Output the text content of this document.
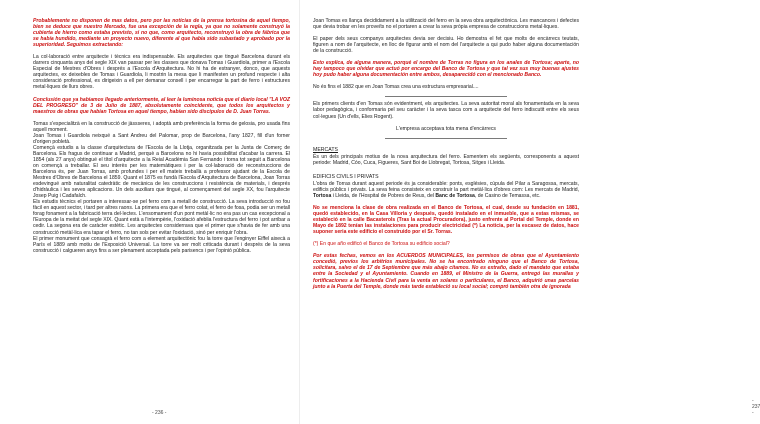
Probablemente no disponen de mas datos, pero por las noticias de la prensa tortosina de aquel tiempo, bien se deduce que nuestro Mercado, fue una excepción de la regla, ya que no solamente construyó la cubierta de hierro como estaba previsto, si no que, como arquitecto, reconstruyó la obra de fábrica que se había hundido, mediante un proyecto nuevo, diferente al que había sido subastado y aprobado por la superioridad. Seguimos extractando:

La col·laboració entre arquitecte i tècnics era indispensable. Els arquitectes que tingué Barcelona durant els darrers cinquanta anys del segle XIX van passar per les classes que donava Tomas i Guardiola, primer a l'Escola Especial de Mestres d'Obres i després a l'Escola d'Arquitectura. No hi ha de estranyer, donco, que aquests arquitectes, ex deixebles de Tomas i Guardiola, li mostrin la mesa que li manifesten un profund respecte i alta consideració professional, es dirigeixin a ell per demanar consell i per encarregar la part de ferro i estructures metal·liques de llurs obres.

Conclusión que ya habiamos llegado anteriormente, al leer la luminosa noticia que el diario local "LA VOZ DEL PROGRESO" de 3 de Julio de 1887, absolutamente coincidente, que todos los arquitectos y maestros de obras que habían Tortosa en aquel tiempo, habían sido discipulos de D. Juan Torras.

Tomas s'especialitzà en la construcció de jàssseres, i adoptà amb preferència la forma de gelosia, pro usada fins aquell moment.

Joan Tomas i Guardiola neixqué a Sant Andreu del Palomar, prop de Barcelona, l'any 1827, fill d'un forner d'origen pobletà.

Començà estudis a la classe d'arquitectura de l'Escola de la Llotja, organitzada per la Junta de Comerç de Barcelona. Els fragus de continuar a Madrid, perquè a Barcelona no hi havia possibilitat d'acabar la carrera. El 1854 (als 27 anys) obtingué el títol d'arquitecte a la Reial Acadèmia San Fernando i torna tot seguit a Barcelona on començà a treballar. El seu interès per les matemàtiques i per la col·laboració de reconstruccions de Barcelona és, per Juan Torras, amb profundes i per ell mateix treballà a professor ajudant de la Escola de Mestres d'Obres de Barcelona el 1859. Quant el 1875 es fundà l'Escola d'Arquitectura de Barcelona, Joan Torras esdevingué amb naturalitat catedràtic de mecànica de les construccions i resistència de materials, i després d'hidràulica i les seves aplicacions. Un dels auxiliars que tingué, al començament del segle XX, fou l'arquitecte Josep Puig i Cadafalch.

Els estudis tècnics el portaren a interessar-se pel ferro com a metall de construcció. La seva introducció no fou fàcil en aquest sector, i tard per altres raons. La primera era que el ferro colat, el ferro de fosa, podia ser un metall forag fonament a la fabricació terra del·lectes. L'ensomament d'un pont metàl·lic no era pas un cas excepcional a l'Europa de la meitat del segle XIX. Quant està a l'intempèrie, l'oxidació afeblia l'estructura del ferro i pot arribar a cedir. La segona era de caràcter estètic. Les arquitectes considerrava que el primer que s'havia de fer amb una construcció metàl·lica era tapar el ferro, no tan sols per evitar l'oxidació, sinó per enriquir l'obra.

El primer monument que consagrà el ferro com a element arquitectònic fou la torre que l'enginyer Eiffel aixecà a París el 1889 amb motiu de l'Exposició Universal. La torre va ser molt criticada durant i després de la seva construcció i calgueren anys fins a ser plenament acceptada pels parisencs i per l'opinió pública.

- 236 -

Joan Tomas es llança decididament a la utilització del ferro en la seva obra arquitectònica. Les mancances i defectes que devia trobar en les proveïts no el portaren a crear la seva pròpia empresa de construccions metal·liques.

El paper dels seus companys arquitectes devia ser decisiu. Ho demostra el fet que molts de encàrrecs teutats, figuren a nom de l'arquitecte, en lloc de figurar amb el nom del l'arquitecte a qui pudo haber alguna documentación de la construcció.

Esto explica, de alguna manera, porqué el nombre de Torras no figura en los anales de Tortosa; aparte, no hay tampoco que olvidar que actuó por encargo del Banco de Tortosa y que tal vez sus muy buenas ajustes hoy pudo haber alguna documentación entre ambos, desaparecidó con el mencionado Banco.

No és fins el 1882 que en Joan Tomas crea una estructura empresarial....

Els primers clients d'en Tomas són evidentment, els arquitectes. La seva autoritat moral als fonamentada en la seva labor pedagògica, i conformaria pel seu caràcter i la seva tasca com a arquitecte del ferro indiscutit entre els seus col·legues (Un d'ells, Elies Rogent).

L'empresa acceptava tota mena d'encàrrecs

MERCATS

És un dels principals motius de la nova arquitectura del ferro. Esmentem els següents, corresponents a aquest periode: Madrid, Cóo, Cuca, Figueres, Sant Boi de Llobregat, Tortosa, Sitges i Lleida.

EDIFICIS CIVILS I PRIVATS

L'obra de Torras durant aquest periode és ja considerable: ponts, esglésies, cúpula del Pilar a Saragossa, mercats, edificis públics i privats. La seva feina consisteix en construir la part metàl·lica d'obres com: Les mercats de Madrid, Tortosa i Lleida, de l'Hospital de Pobres de Reus, del Banc de Tortosa, de Casino de Temassa, etc.

No se menciona la clase de obra realizada en el Banco de Tortosa, el cual, desde su fundación en 1881, quedó establecido, en la Casa Villoria y después, quedó instalado en el inmueble, que a estas mismas, se estableció en la calle Bacasterols (Tras la actual Procuradora), justo enfrente al Portal del Temple, donde en Mayo de 1892 tenían las instalaciones para producir electricidad (*) La noticia, per la escasez de datos, hace suponer seria este edificio el construido por el Sr. Torras.

(*) En que año edificó el Banco de Tortosa su edificio social?

Por estas fechas, vemos en los ACUERDOS MUNICIPALES, los permisos de obras que el Ayuntamiento concedió, previos los arbitrios municipales. No se ha encontrado ninguno que el Banco de Tortosa, solicitara, salvo el de 17 de Septiembre que más abajo citamos. No es extraño, dado el mandato que estaba entre la Sociedad y el Ayuntamiento. Cuando en 1889, el Ministro de la Guerra, entregó las murallas y fortificaciones a la Hacienda Civil para la venta en solares o particulares, el Banco, adquirió unas parcelas junto a la Puerta del Temple, donde más tarde estableció su local social; compró también otra de ignorada

- 237 -
